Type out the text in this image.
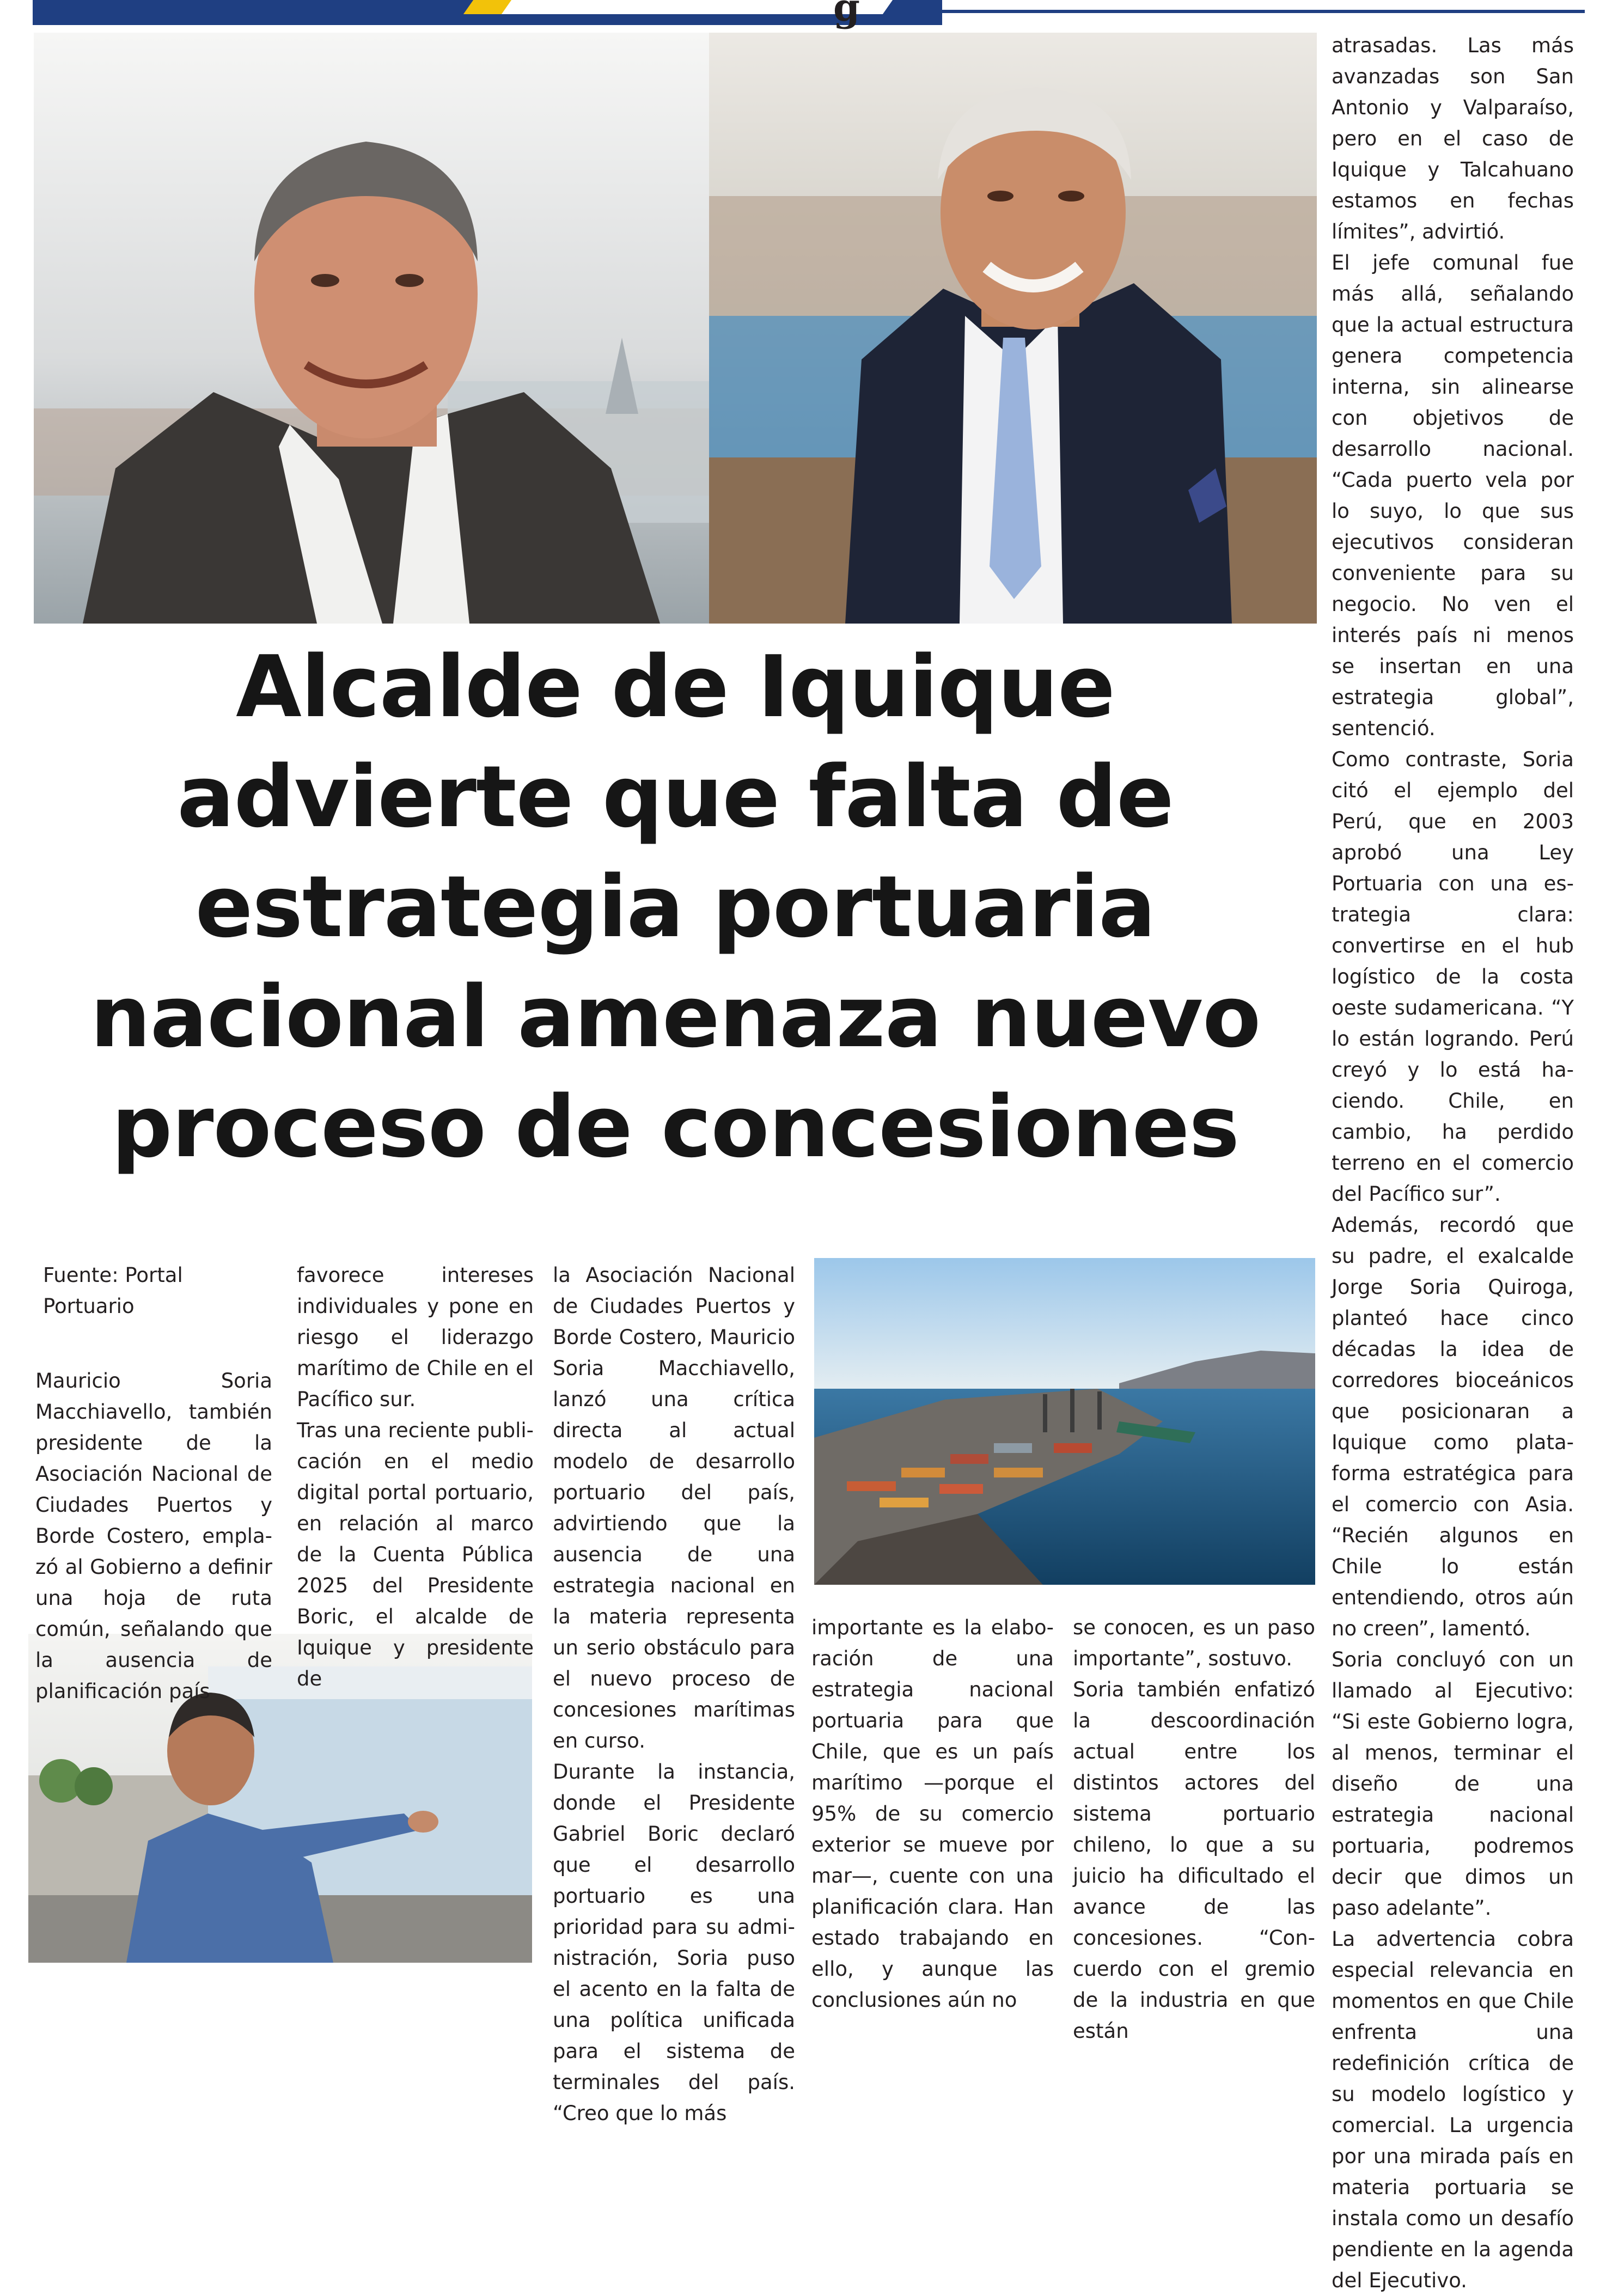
g
Alcalde de Iquique
advierte que falta de
estrategia portuaria
nacional amenaza nuevo
proceso de concesiones

Fuente: Portal Portuario

Mauricio Soria Macchiavello, también presidente de la Asociación Nacional de Ciudades Puertos y Borde Costero, emplazó al Gobierno a definir una hoja de ruta común, señalando que la ausencia de planificación país

favorece intereses individuales y pone en riesgo el liderazgo marítimo de Chile en el Pacífico sur.

Tras una reciente publicación en el medio digital portal portuario, en relación al marco de la Cuenta Pública 2025 del Presidente Boric, el alcalde de Iquique y presidente de

la Asociación Nacional de Ciudades Puertos y Borde Costero, Mauricio Soria Macchiavello, lanzó una crítica directa al actual modelo de desarrollo portuario del país, advirtiendo que la ausencia de una estrategia nacional en la materia representa un serio obstáculo para el nuevo proceso de concesiones marítimas en curso.

Durante la instancia, donde el Presidente Gabriel Boric declaró que el desarrollo portuario es una prioridad para su administración, Soria puso el acento en la falta de una política unificada para el sistema de terminales del país. “Creo que lo más

importante es la elaboración de una estrategia nacional portuaria para que Chile, que es un país marítimo —porque el 95% de su comercio exterior se mueve por mar—, cuente con una planificación clara. Han estado trabajando en ello, y aunque las conclusiones aún no

se conocen, es un paso importante”, sostuvo.

Soria también enfatizó la descoordinación actual entre los distintos actores del sistema portuario chileno, lo que a su juicio ha dificultado el avance de las concesiones. “Concuerdo con el gremio de la industria en que están

atrasadas. Las más avanzadas son San Antonio y Valparaíso, pero en el caso de Iquique y Talcahuano estamos en fechas límites”, advirtió.

El jefe comunal fue más allá, señalando que la actual estructura genera competencia interna, sin alinearse con objetivos de desarrollo nacional. “Cada puerto vela por lo suyo, lo que sus ejecutivos consideran conveniente para su negocio. No ven el interés país ni menos se insertan en una estrategia global”, sentenció.

Como contraste, Soria citó el ejemplo del Perú, que en 2003 aprobó una Ley Portuaria con una estrategia clara: convertirse en el hub logístico de la costa oeste sudamericana. “Y lo están logrando. Perú creyó y lo está haciendo. Chile, en cambio, ha perdido terreno en el comercio del Pacífico sur”.

Además, recordó que su padre, el exalcalde Jorge Soria Quiroga, planteó hace cinco décadas la idea de corredores bioceánicos que posicionaran a Iquique como plataforma estratégica para el comercio con Asia. “Recién algunos en Chile lo están entendiendo, otros aún no creen”, lamentó.

Soria concluyó con un llamado al Ejecutivo: “Si este Gobierno logra, al menos, terminar el diseño de una estrategia nacional portuaria, podremos decir que dimos un paso adelante”.

La advertencia cobra especial relevancia en momentos en que Chile enfrenta una redefinición crítica de su modelo logístico y comercial. La urgencia por una mirada país en materia portuaria se instala como un desafío pendiente en la agenda del Ejecutivo.
